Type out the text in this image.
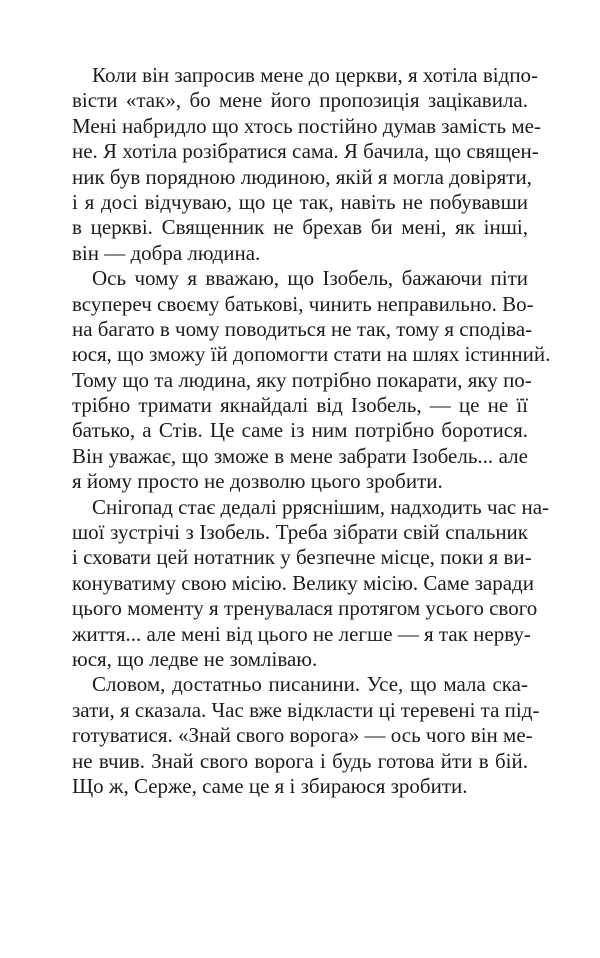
Коли він запросив мене до церкви, я хотіла відпо-
вісти «так», бо мене його пропозиція зацікавила.
Мені набридло що хтось постійно думав замість ме-
не. Я хотіла розібратися сама. Я бачила, що священ-
ник був порядною людиною, якій я могла довіряти,
і я досі відчуваю, що це так, навіть не побувавши
в церкві. Священник не брехав би мені, як інші,
він — добра людина.
Ось чому я вважаю, що Ізобель, бажаючи піти
всупереч своєму батькові, чинить неправильно. Во-
на багато в чому поводиться не так, тому я сподіва-
юся, що зможу їй допомогти стати на шлях істинний.
Тому що та людина, яку потрібно покарати, яку по-
трібно тримати якнайдалі від Ізобель, — це не її
батько, а Стів. Це саме із ним потрібно боротися.
Він уважає, що зможе в мене забрати Ізобель... але
я йому просто не дозволю цього зробити.
Снігопад стає дедалі рряснішим, надходить час на-
шої зустрічі з Ізобель. Треба зібрати свій спальник
і сховати цей нотатник у безпечне місце, поки я ви-
конуватиму свою місію. Велику місію. Саме заради
цього моменту я тренувалася протягом усього свого
життя... але мені від цього не легше — я так нерву-
юся, що ледве не зомліваю.
Словом, достатньо писанини. Усе, що мала ска-
зати, я сказала. Час вже відкласти ці теревені та під-
готуватися. «Знай свого ворога» — ось чого він ме-
не вчив. Знай свого ворога і будь готова йти в бій.
Що ж, Серже, саме це я і збираюся зробити.
